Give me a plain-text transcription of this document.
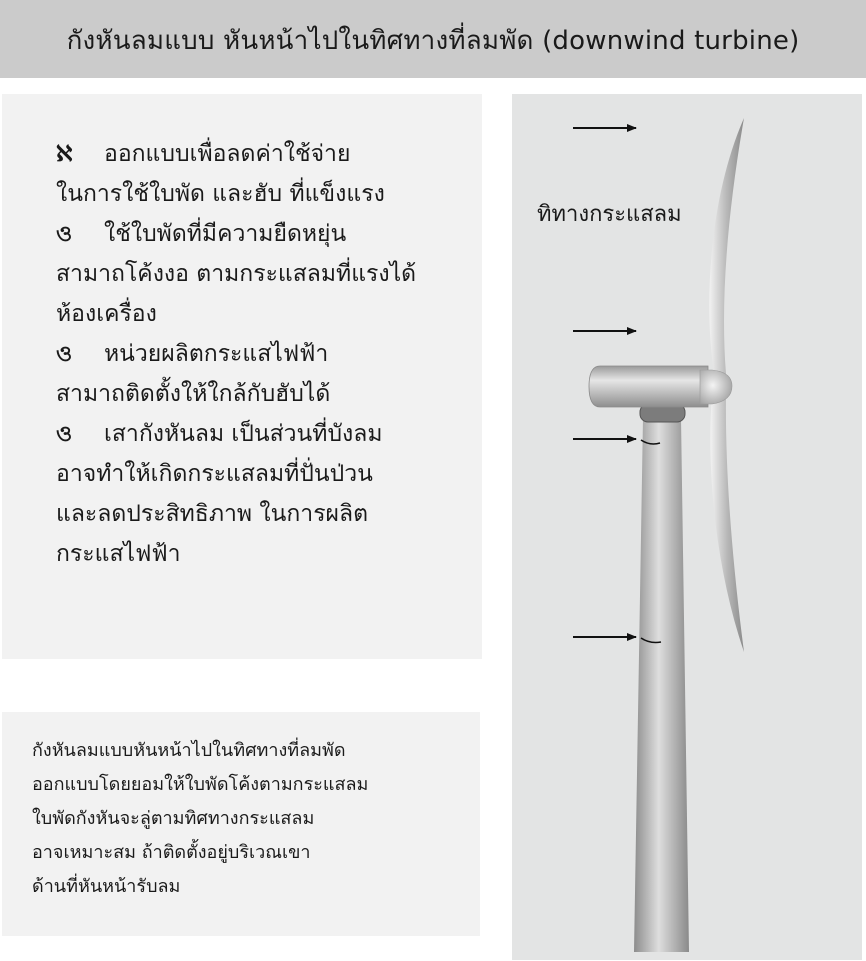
กังหันลมแบบ หันหน้าไปในทิศทางที่ลมพัด (downwind turbine)
ℵ ออกแบบเพื่อลดค่าใช้จ่าย
ในการใช้ใบพัด และฮับ ที่แข็งแรง
ও ใช้ใบพัดที่มีความยืดหยุ่น
สามาถโค้งงอ ตามกระแสลมที่แรงได้
ห้องเครื่อง
ও หน่วยผลิตกระแสไฟฟ้า
สามาถติดตั้งให้ใกล้กับฮับได้
ও เสากังหันลม เป็นส่วนที่บังลม
อาจทำให้เกิดกระแสลมที่ปั่นป่วน
และลดประสิทธิภาพ ในการผลิต
กระแสไฟฟ้า
กังหันลมแบบหันหน้าไปในทิศทางที่ลมพัด
ออกแบบโดยยอมให้ใบพัดโค้งตามกระแสลม
ใบพัดกังหันจะลู่ตามทิศทางกระแสลม
อาจเหมาะสม ถ้าติดตั้งอยู่บริเวณเขา
ด้านที่หันหน้ารับลม
ทิทางกระแสลม
